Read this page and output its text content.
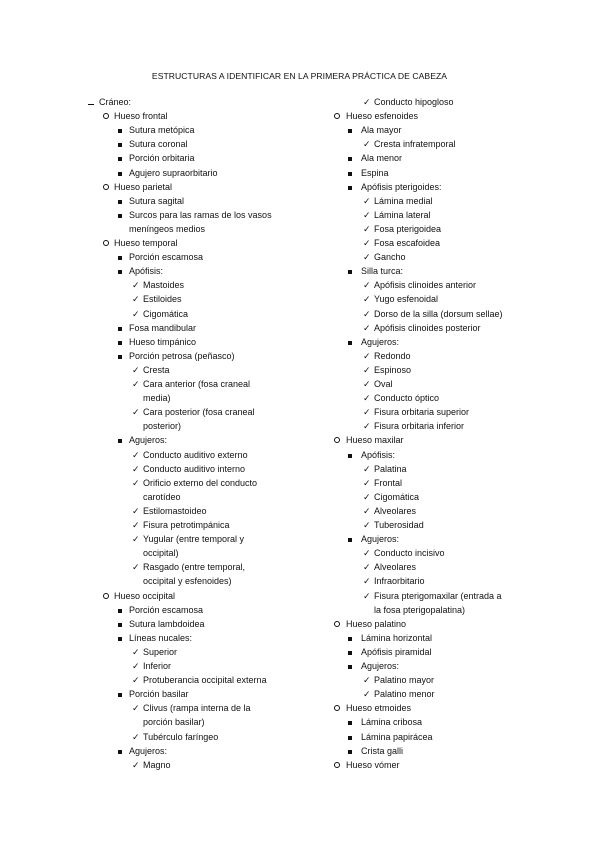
ESTRUCTURAS A IDENTIFICAR EN LA PRIMERA PRÁCTICA DE CABEZA
Cráneo:
Hueso frontal
Sutura metópica
Sutura coronal
Porción orbitaria
Agujero supraorbitario
Hueso parietal
Sutura sagital
Surcos para las ramas de los vasos
meníngeos medios
Hueso temporal
Porción escamosa
Apófisis:
✓ Mastoides
✓ Estiloides
✓ Cigomática
Fosa mandibular
Hueso timpánico
Porción petrosa (peñasco)
✓ Cresta
✓ Cara anterior (fosa craneal
media)
✓ Cara posterior (fosa craneal
posterior)
Agujeros:
✓ Conducto auditivo externo
✓ Conducto auditivo interno
✓ Orificio externo del conducto
carotídeo
✓ Estilomastoideo
✓ Fisura petrotimpánica
✓ Yugular (entre temporal y
occipital)
✓ Rasgado (entre temporal,
occipital y esfenoides)
Hueso occipital
Porción escamosa
Sutura lambdoidea
Líneas nucales:
✓ Superior
✓ Inferior
✓ Protuberancia occipital externa
Porción basilar
✓ Clivus (rampa interna de la
porción basilar)
✓ Tubérculo faríngeo
Agujeros:
✓ Magno
✓ Conducto hipogloso
Hueso esfenoides
Ala mayor
✓ Cresta infratemporal
Ala menor
Espina
Apófisis pterigoides:
✓ Lámina medial
✓ Lámina lateral
✓ Fosa pterigoidea
✓ Fosa escafoidea
✓ Gancho
Silla turca:
✓ Apófisis clinoides anterior
✓ Yugo esfenoidal
✓ Dorso de la silla (dorsum sellae)
✓ Apófisis clinoides posterior
Agujeros:
✓ Redondo
✓ Espinoso
✓ Oval
✓ Conducto óptico
✓ Fisura orbitaria superior
✓ Fisura orbitaria inferior
Hueso maxilar
Apófisis:
✓ Palatina
✓ Frontal
✓ Cigomática
✓ Alveolares
✓ Tuberosidad
Agujeros:
✓ Conducto incisivo
✓ Alveolares
✓ Infraorbitario
✓ Fisura pterigomaxilar (entrada a
la fosa pterigopalatina)
Hueso palatino
Lámina horizontal
Apófisis piramidal
Agujeros:
✓ Palatino mayor
✓ Palatino menor
Hueso etmoides
Lámina cribosa
Lámina papirácea
Crista galli
Hueso vómer
